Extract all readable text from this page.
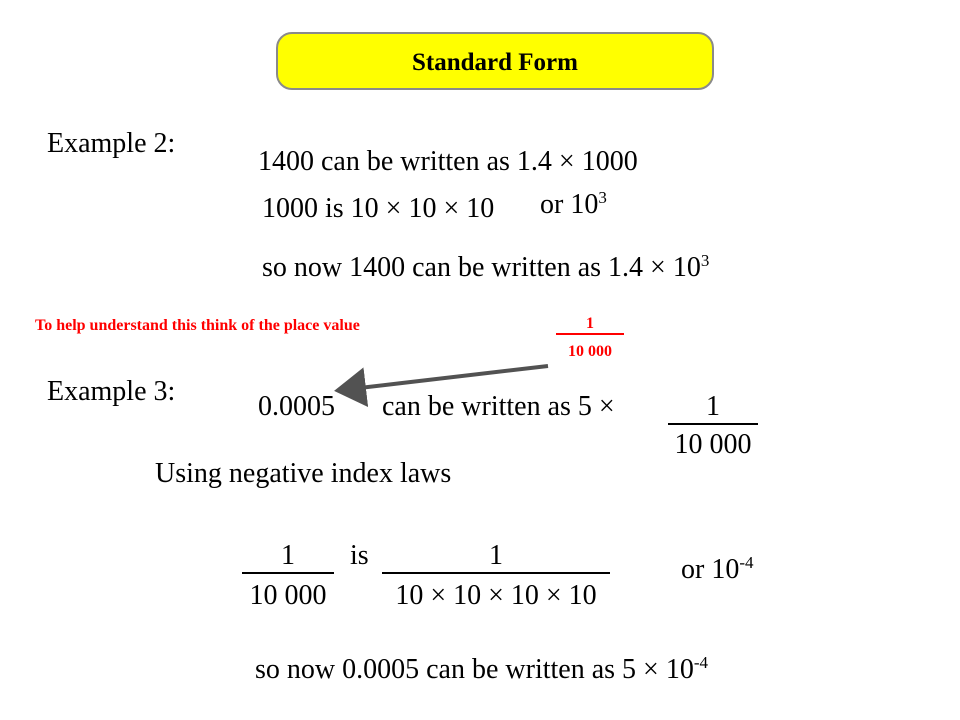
Standard Form
Example 2:
1400 can be written as 1.4 × 1000
1000 is 10 × 10 × 10 or $10^3$
so now 1400 can be written as $1.4 \times 10^3$
To help understand this think of the place value	$\frac{1}{10 000}$
Example 3:	0.0005 can be written as $5 \times \frac{1}{10 000}$
Using negative index laws
$\frac{1}{10 000}$ is $\frac{1}{10 \times 10 \times 10 \times 10}$	or $10^{-4}$
so now 0.0005 can be written as $5 \times 10^{-4}$
